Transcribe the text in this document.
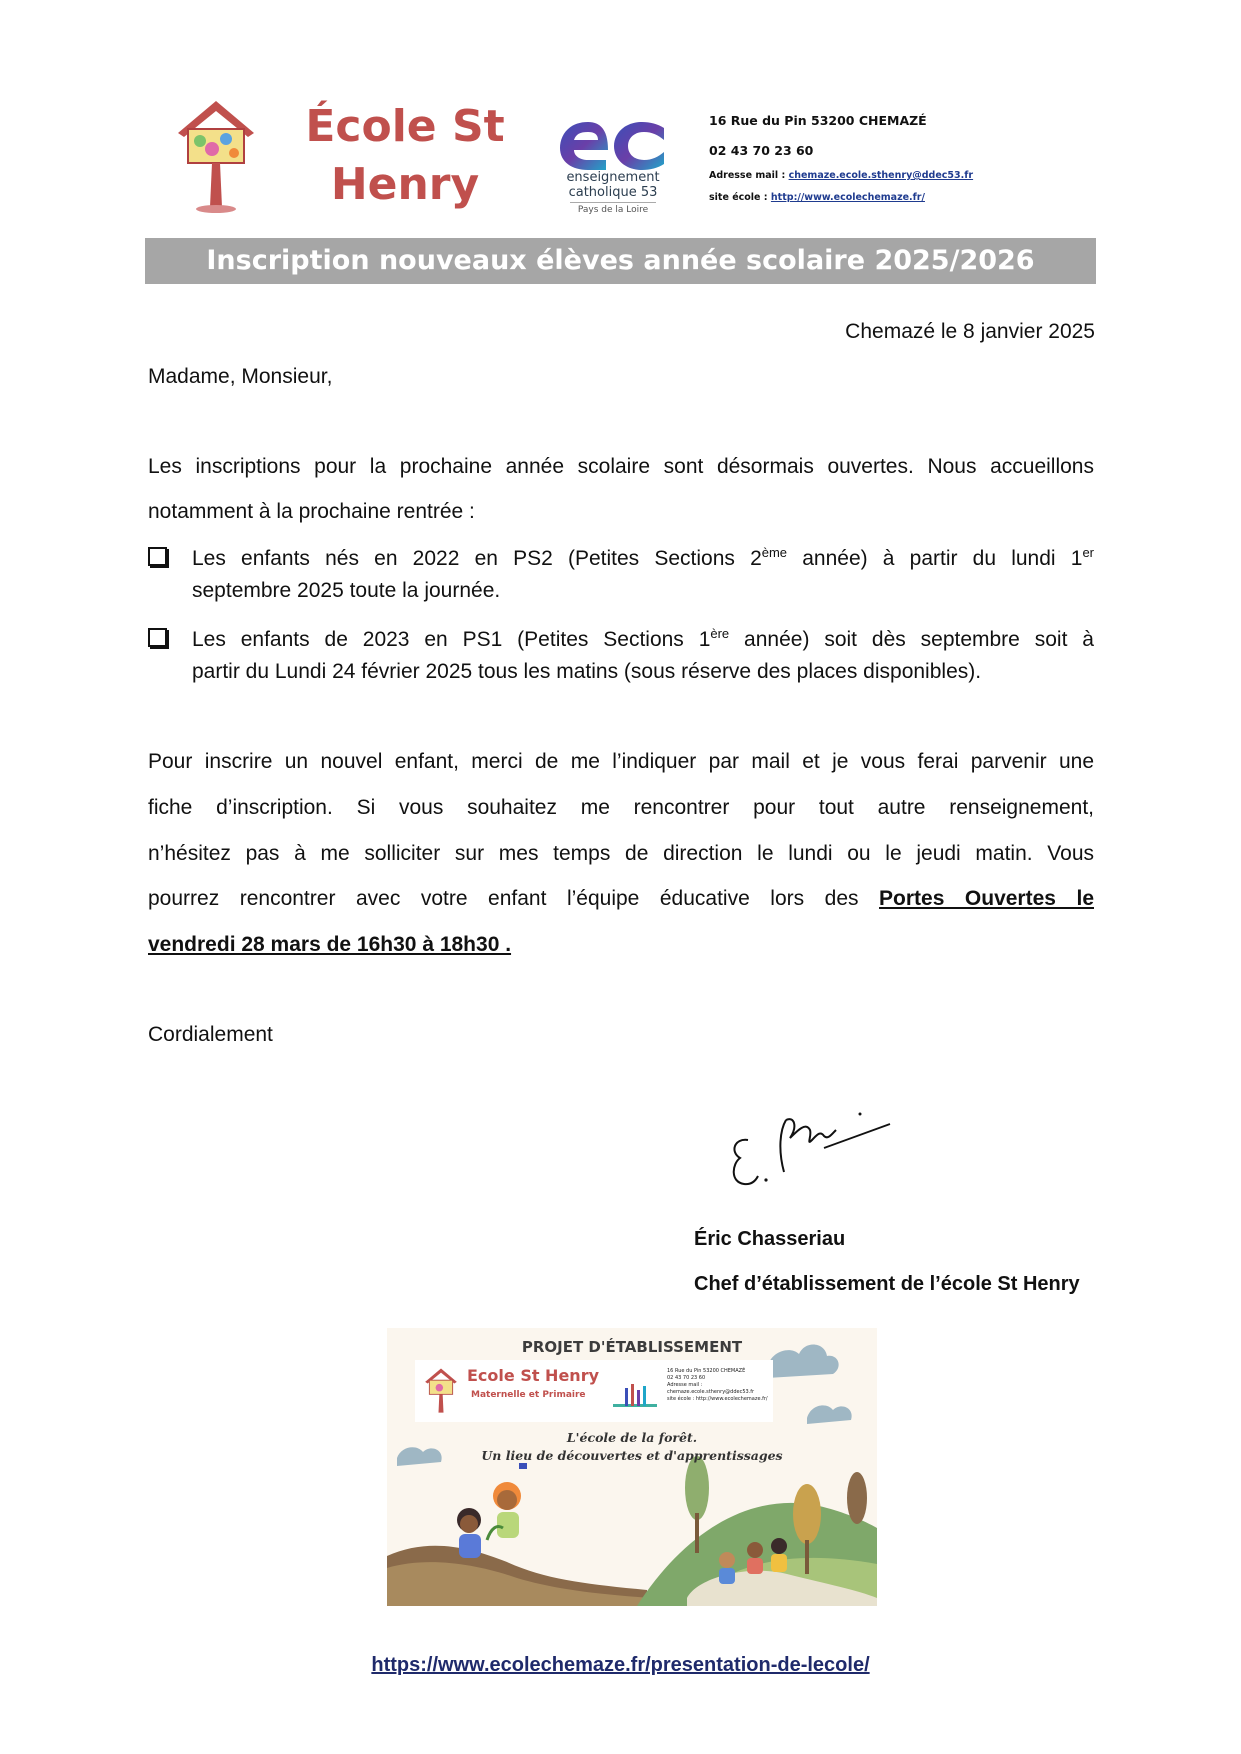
École St Henry	enseignement
catholique 53
Pays de la Loire
16 Rue du Pin 53200 CHEMAZÉ
02 43 70 23 60
Adresse mail : chemaze.ecole.sthenry@ddec53.fr
site école : http://www.ecolechemaze.fr/
Inscription nouveaux élèves année scolaire 2025/2026
Chemazé le 8 janvier 2025
Madame, Monsieur,
Les inscriptions pour la prochaine année scolaire sont désormais ouvertes. Nous accueillons
notamment à la prochaine rentrée :
Les enfants nés en 2022 en PS2 (Petites Sections 2ème année) à partir du lundi 1er
septembre 2025 toute la journée.
Les enfants de 2023 en PS1 (Petites Sections 1ère année) soit dès septembre soit à
partir du Lundi 24 février 2025 tous les matins (sous réserve des places disponibles).
Pour inscrire un nouvel enfant, merci de me l’indiquer par mail et je vous ferai parvenir une
fiche d’inscription. Si vous souhaitez me rencontrer pour tout autre renseignement,
n’hésitez pas à me solliciter sur mes temps de direction le lundi ou le jeudi matin. Vous
pourrez rencontrer avec votre enfant l’équipe éducative lors des Portes Ouvertes le
vendredi 28 mars de 16h30 à 18h30 .
Cordialement
Éric Chasseriau
Chef d’établissement de l’école St Henry
PROJET D'ÉTABLISSEMENT
Ecole St Henry
Maternelle et Primaire
16 Rue du Pin 53200 CHEMAZÉ
02 43 70 23 60
Adresse mail : chemaze.ecole.sthenry@ddec53.fr
site école : http://www.ecolechemaze.fr/
L'école de la forêt.
Un lieu de découvertes et d'apprentissages
https://www.ecolechemaze.fr/presentation-de-lecole/
